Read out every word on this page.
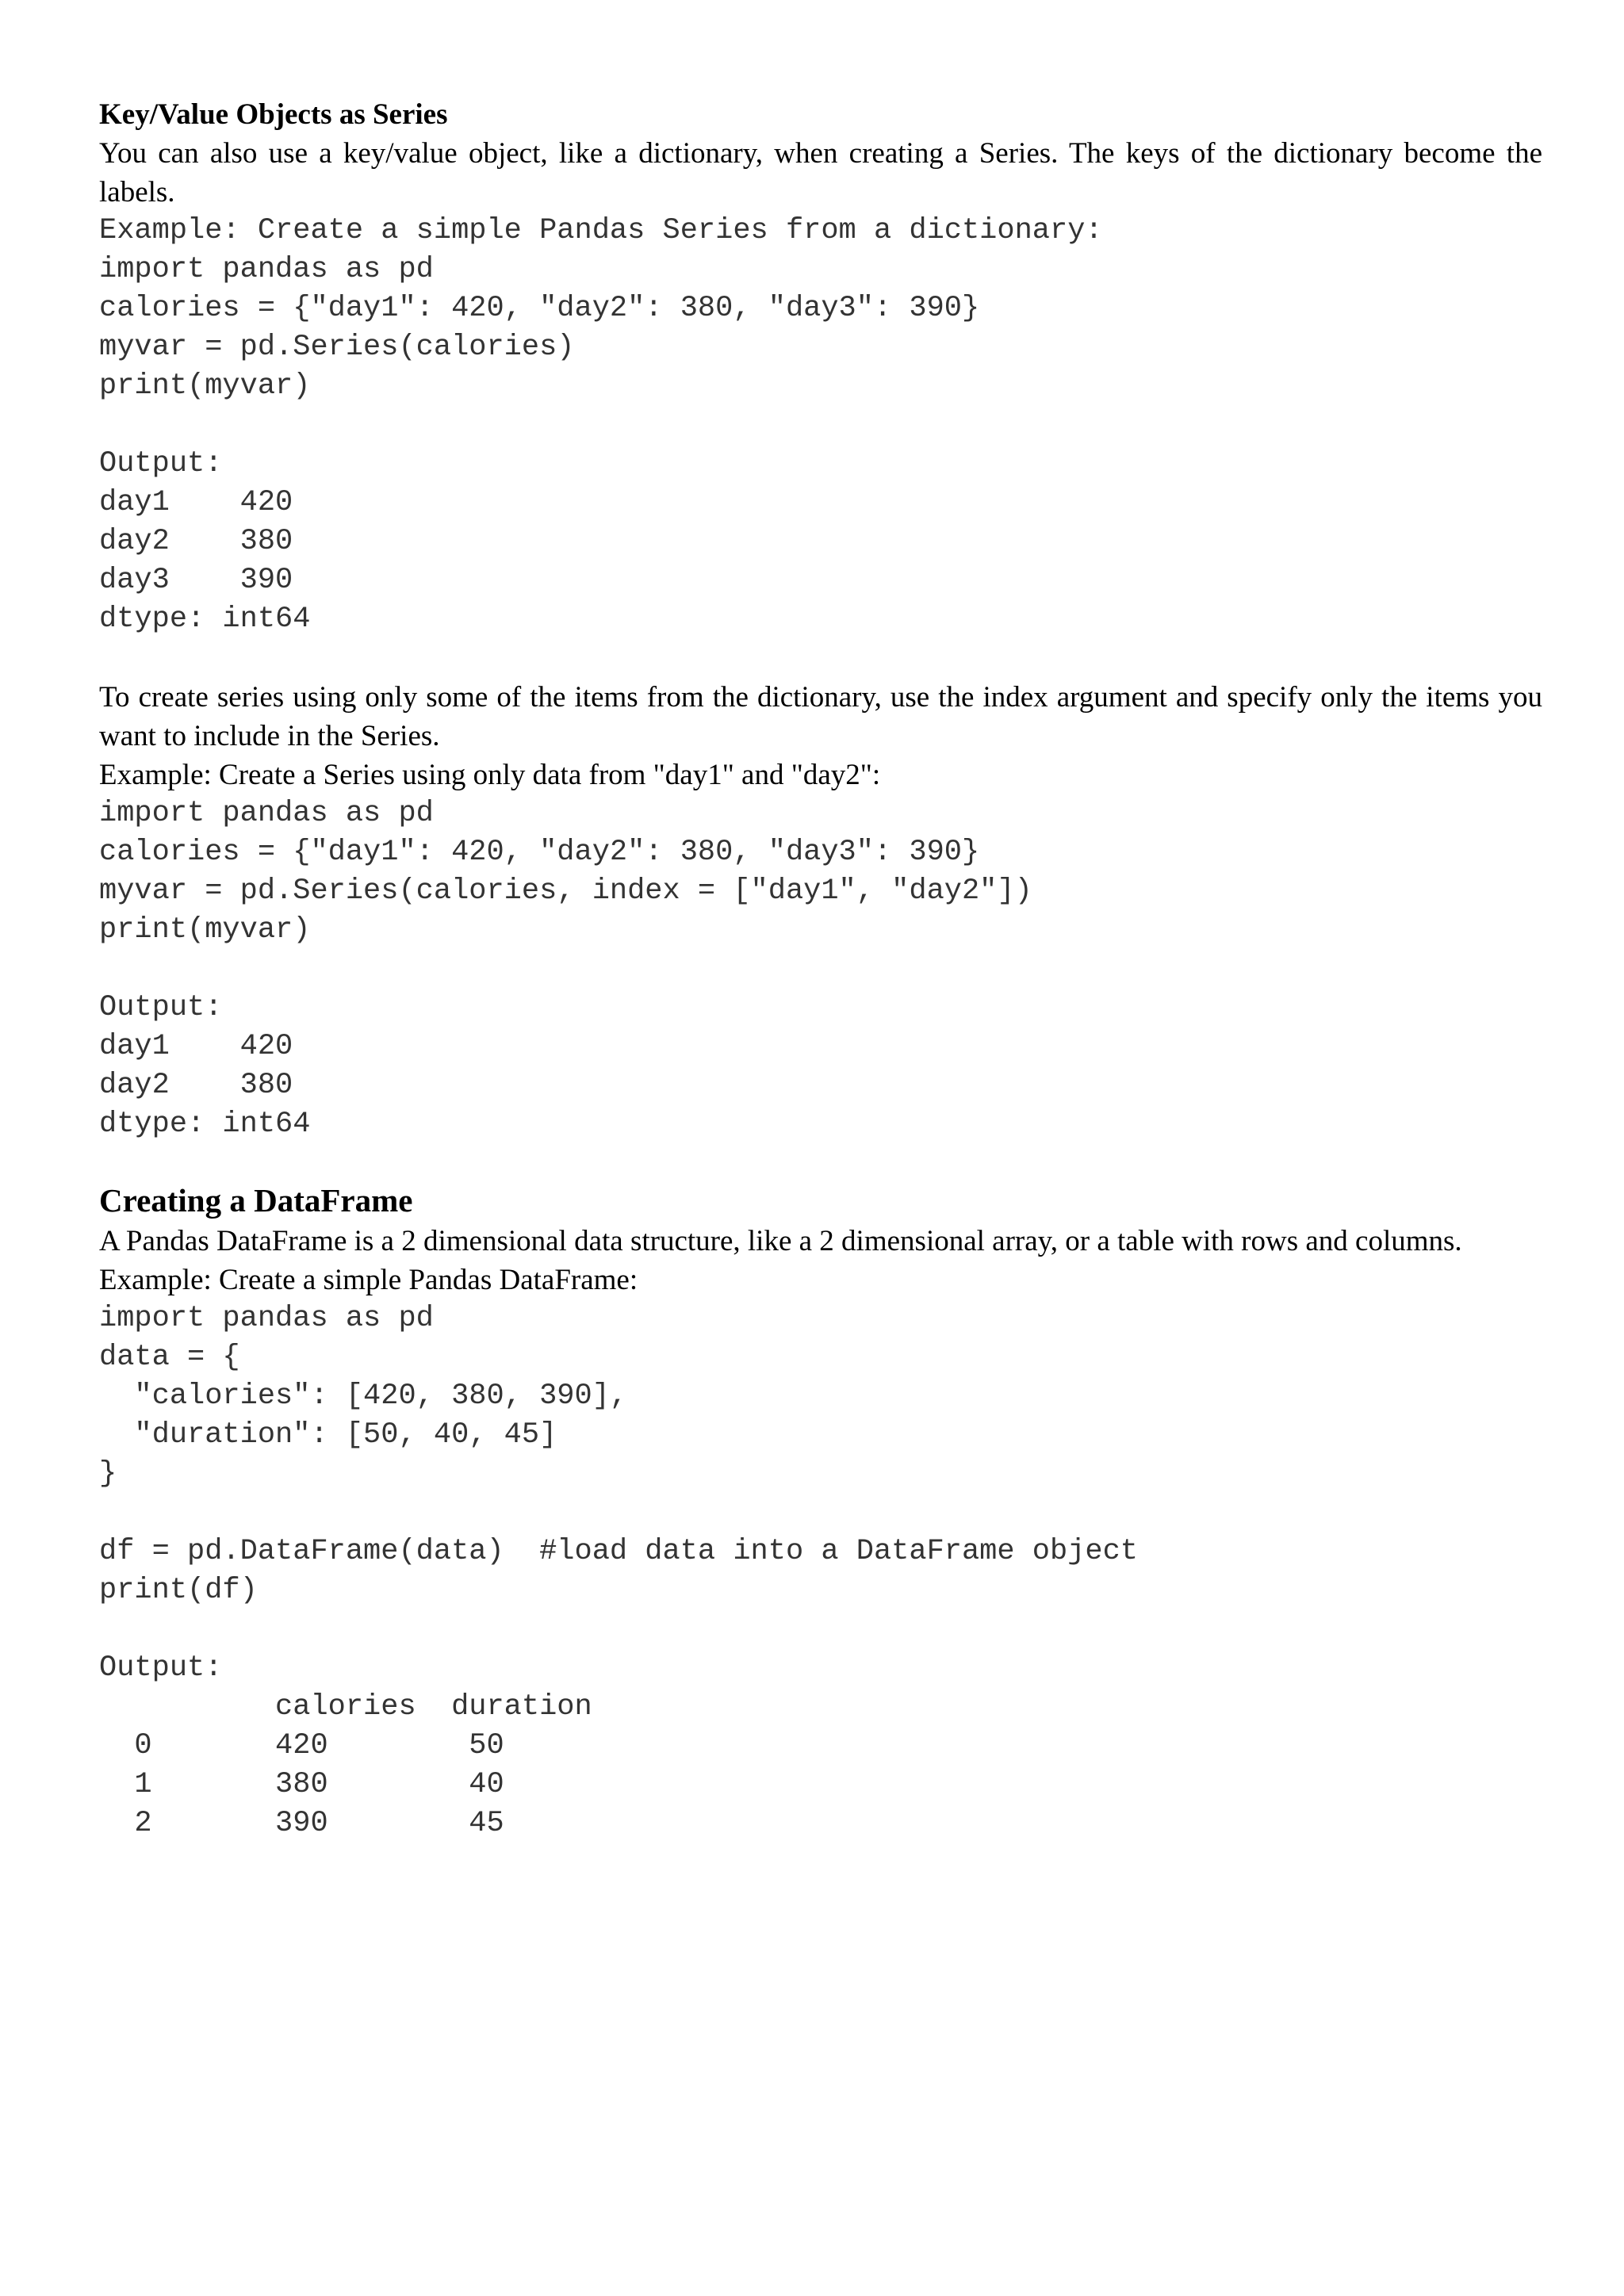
Key/Value Objects as Series

You can also use a key/value object, like a dictionary, when creating a Series. The keys of the dictionary become the labels.

Example: Create a simple Pandas Series from a dictionary:

import pandas as pd

calories = {"day1": 420, "day2": 380, "day3": 390}

myvar = pd.Series(calories)

print(myvar)

Output:

day1    420

day2    380

day3    390

dtype: int64

To create series using only some of the items from the dictionary, use the index argument and specify only the items you want to include in the Series.

Example: Create a Series using only data from "day1" and "day2":

import pandas as pd

calories = {"day1": 420, "day2": 380, "day3": 390}

myvar = pd.Series(calories, index = ["day1", "day2"])

print(myvar)

Output:

day1    420

day2    380

dtype: int64

Creating a DataFrame

A Pandas DataFrame is a 2 dimensional data structure, like a 2 dimensional array, or a table with rows and columns.

Example: Create a simple Pandas DataFrame:

import pandas as pd

data = {

"calories": [420, 380, 390],

"duration": [50, 40, 45]

}

df = pd.DataFrame(data)  #load data into a DataFrame object

print(df)

Output:

calories  duration

0       420        50

1       380        40

2       390        45
